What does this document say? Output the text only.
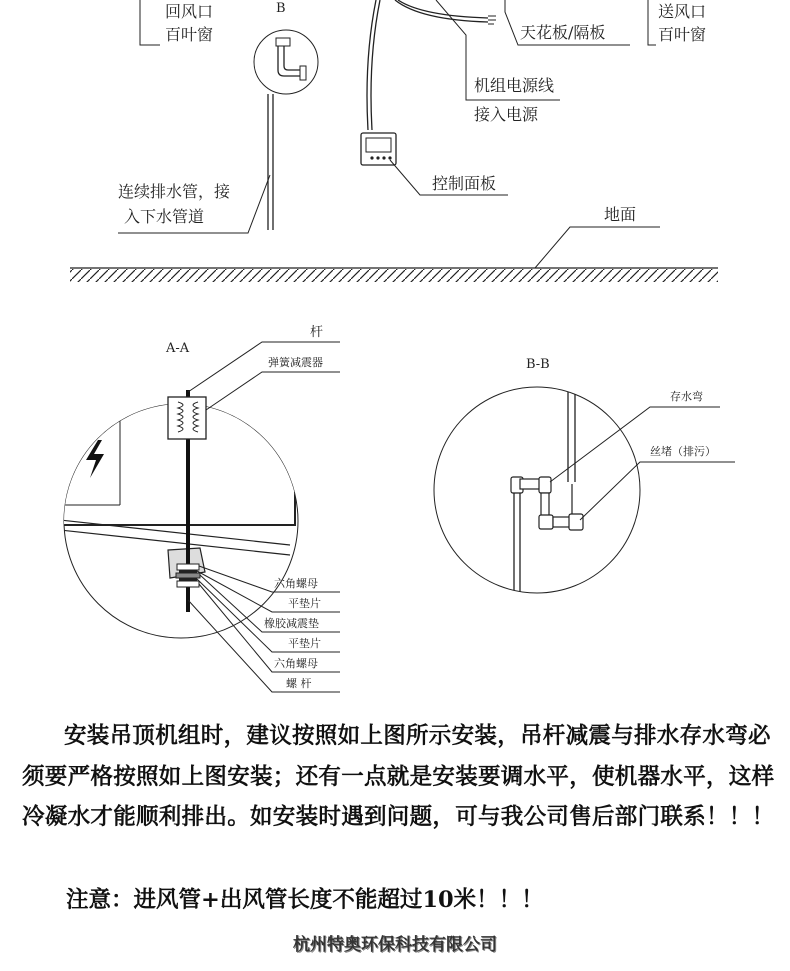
回风口
百叶窗
B
天花板/隔板
送风口
百叶窗
机组电源线
接入电源
控制面板
连续排水管，接
入下水管道	地面
A-A
杆
弹簧减震器
六角螺母
平垫片
橡胶减震垫
平垫片
六角螺母
螺 杆
B-B
存水弯
丝堵（排污）

安装吊顶机组时，建议按照如上图所示安装，吊杆减震与排水存水弯必须要严格按照如上图安装；还有一点就是安装要调水平，使机器水平，这样冷凝水才能顺利排出。如安装时遇到问题，可与我公司售后部门联系！！！

注意：进风管+出风管长度不能超过10米！！！

杭州特奥环保科技有限公司
